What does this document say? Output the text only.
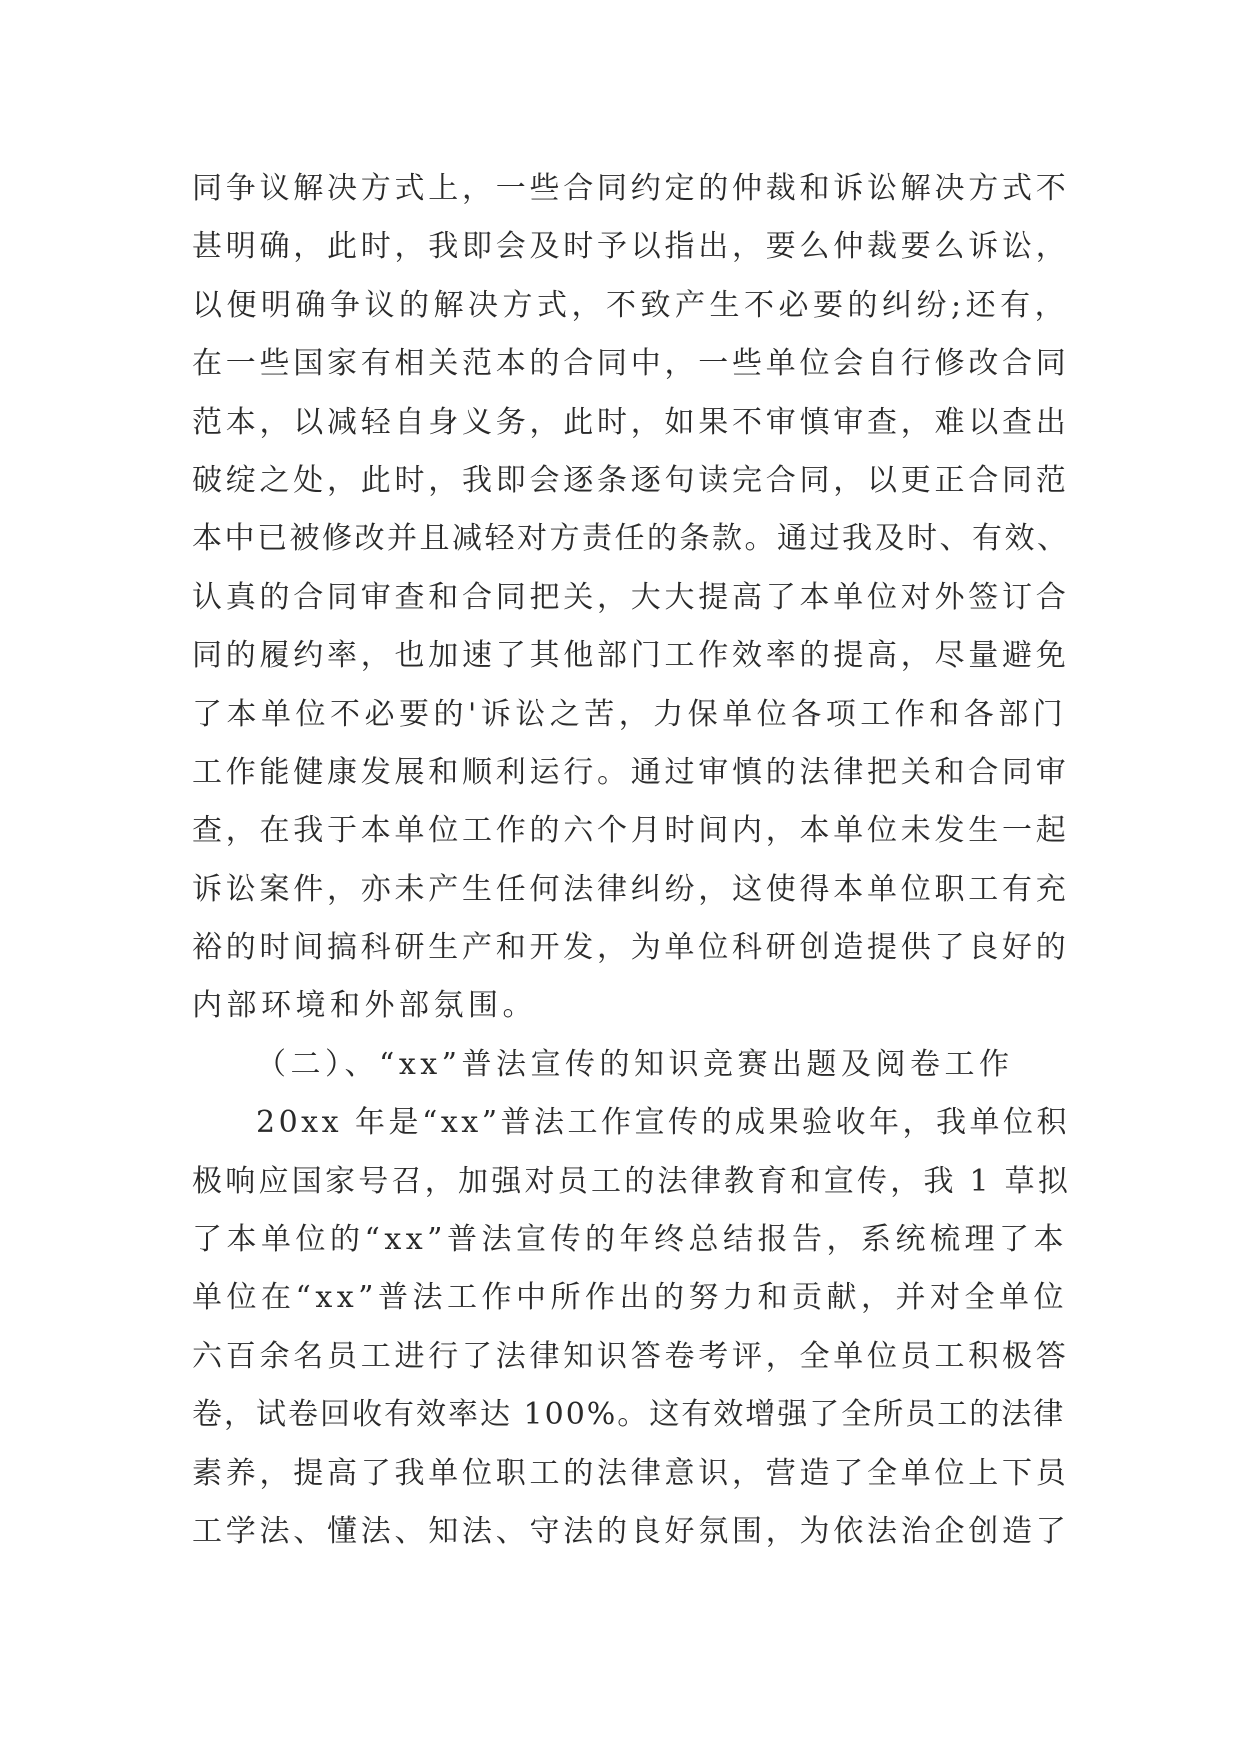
同争议解决方式上，一些合同约定的仲裁和诉讼解决方式不
甚明确，此时，我即会及时予以指出，要么仲裁要么诉讼，
以便明确争议的解决方式，不致产生不必要的纠纷;还有，
在一些国家有相关范本的合同中，一些单位会自行修改合同
范本，以减轻自身义务，此时，如果不审慎审查，难以查出
破绽之处，此时，我即会逐条逐句读完合同，以更正合同范
本中已被修改并且减轻对方责任的条款。通过我及时、有效、
认真的合同审查和合同把关，大大提高了本单位对外签订合
同的履约率，也加速了其他部门工作效率的提高，尽量避免
了本单位不必要的'诉讼之苦，力保单位各项工作和各部门
工作能健康发展和顺利运行。通过审慎的法律把关和合同审
查，在我于本单位工作的六个月时间内，本单位未发生一起
诉讼案件，亦未产生任何法律纠纷，这使得本单位职工有充
裕的时间搞科研生产和开发，为单位科研创造提供了良好的
内部环境和外部氛围。
（二）、“xx”普法宣传的知识竞赛出题及阅卷工作
20xx 年是“xx”普法工作宣传的成果验收年，我单位积
极响应国家号召，加强对员工的法律教育和宣传，我 1 草拟
了本单位的“xx”普法宣传的年终总结报告，系统梳理了本
单位在“xx”普法工作中所作出的努力和贡献，并对全单位
六百余名员工进行了法律知识答卷考评，全单位员工积极答
卷，试卷回收有效率达 100%。这有效增强了全所员工的法律
素养，提高了我单位职工的法律意识，营造了全单位上下员
工学法、懂法、知法、守法的良好氛围，为依法治企创造了
